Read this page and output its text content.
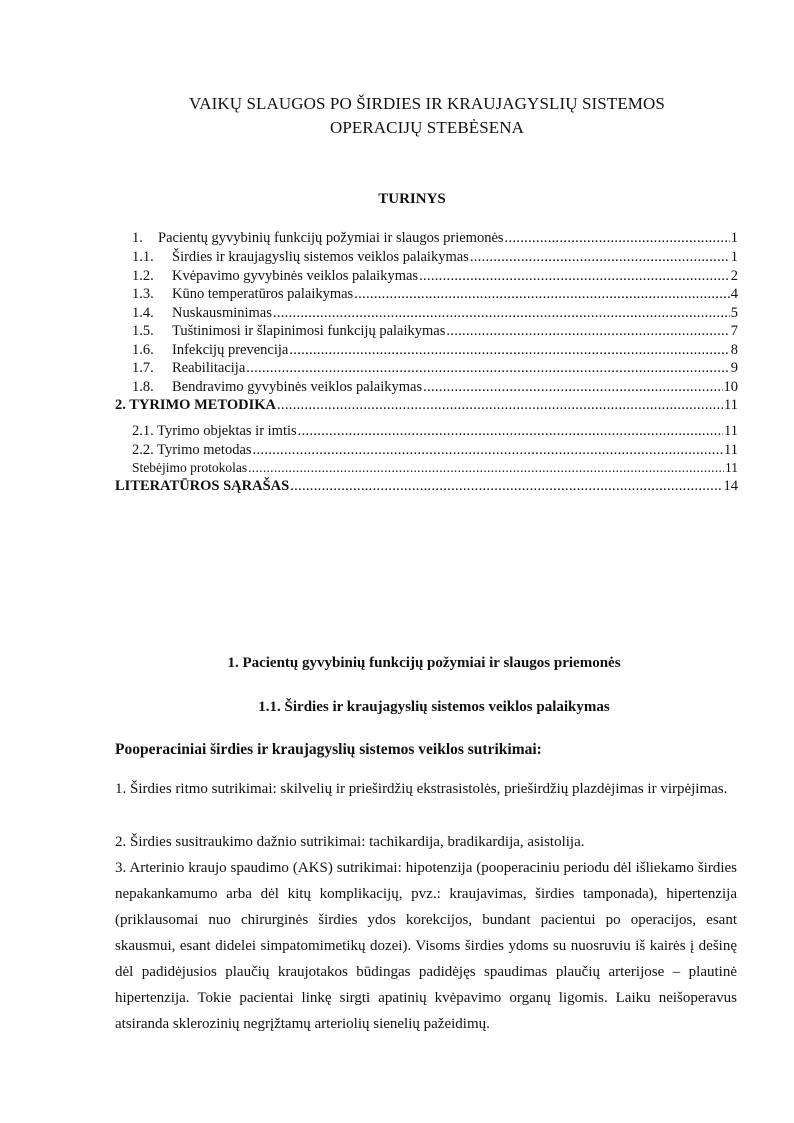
VAIKŲ SLAUGOS PO ŠIRDIES IR KRAUJAGYSLIŲ SISTEMOS
OPERACIJŲ STEBĖSENA
TURINYS
1.	Pacientų gyvybinių funkcijų požymiai ir slaugos priemonės .....	1
1.1.	Širdies ir kraujagyslių sistemos veiklos palaikymas .....	1
1.2.	Kvėpavimo gyvybinės veiklos palaikymas .....	2
1.3.	Kūno temperatūros palaikymas .....	4
1.4.	Nuskausminimas .....	5
1.5.	Tuštinimosi ir šlapinimosi funkcijų palaikymas .....	7
1.6.	Infekcijų prevencija .....	8
1.7.	Reabilitacija .....	9
1.8.	Bendravimo gyvybinės veiklos palaikymas .....	10
2. TYRIMO METODIKA .....	11
2.1. Tyrimo objektas ir imtis .....	11
2.2. Tyrimo metodas .....	11
Stebėjimo protokolas .....	11
LITERATŪROS SĄRAŠAS .....	14
1. Pacientų gyvybinių funkcijų požymiai ir slaugos priemonės
1.1. Širdies ir kraujagyslių sistemos veiklos palaikymas
Pooperaciniai širdies ir kraujagyslių sistemos veiklos sutrikimai:
1. Širdies ritmo sutrikimai: skilvelių ir prieširdžių ekstrasistolės, prieširdžių plazdėjimas ir virpėjimas.
2. Širdies susitraukimo dažnio sutrikimai: tachikardija, bradikardija, asistolija.
3. Arterinio kraujo spaudimo (AKS) sutrikimai: hipotenzija (pooperaciniu periodu dėl išliekamo širdies nepakankamumo arba dėl kitų komplikacijų, pvz.: kraujavimas, širdies tamponada), hipertenzija (priklausomai nuo chirurginės širdies ydos korekcijos, bundant pacientui po operacijos, esant skausmui, esant didelei simpatomimetikų dozei). Visoms širdies ydoms su nuosruviu iš kairės į dešinę dėl padidėjusios plaučių kraujotakos būdingas padidėjęs spaudimas plaučių arterijose – plautinė hipertenzija. Tokie pacientai linkę sirgti apatinių kvėpavimo organų ligomis. Laiku neišoperavus atsiranda sklerozinių negrįžtamų arteriolių sienelių pažeidimų.
